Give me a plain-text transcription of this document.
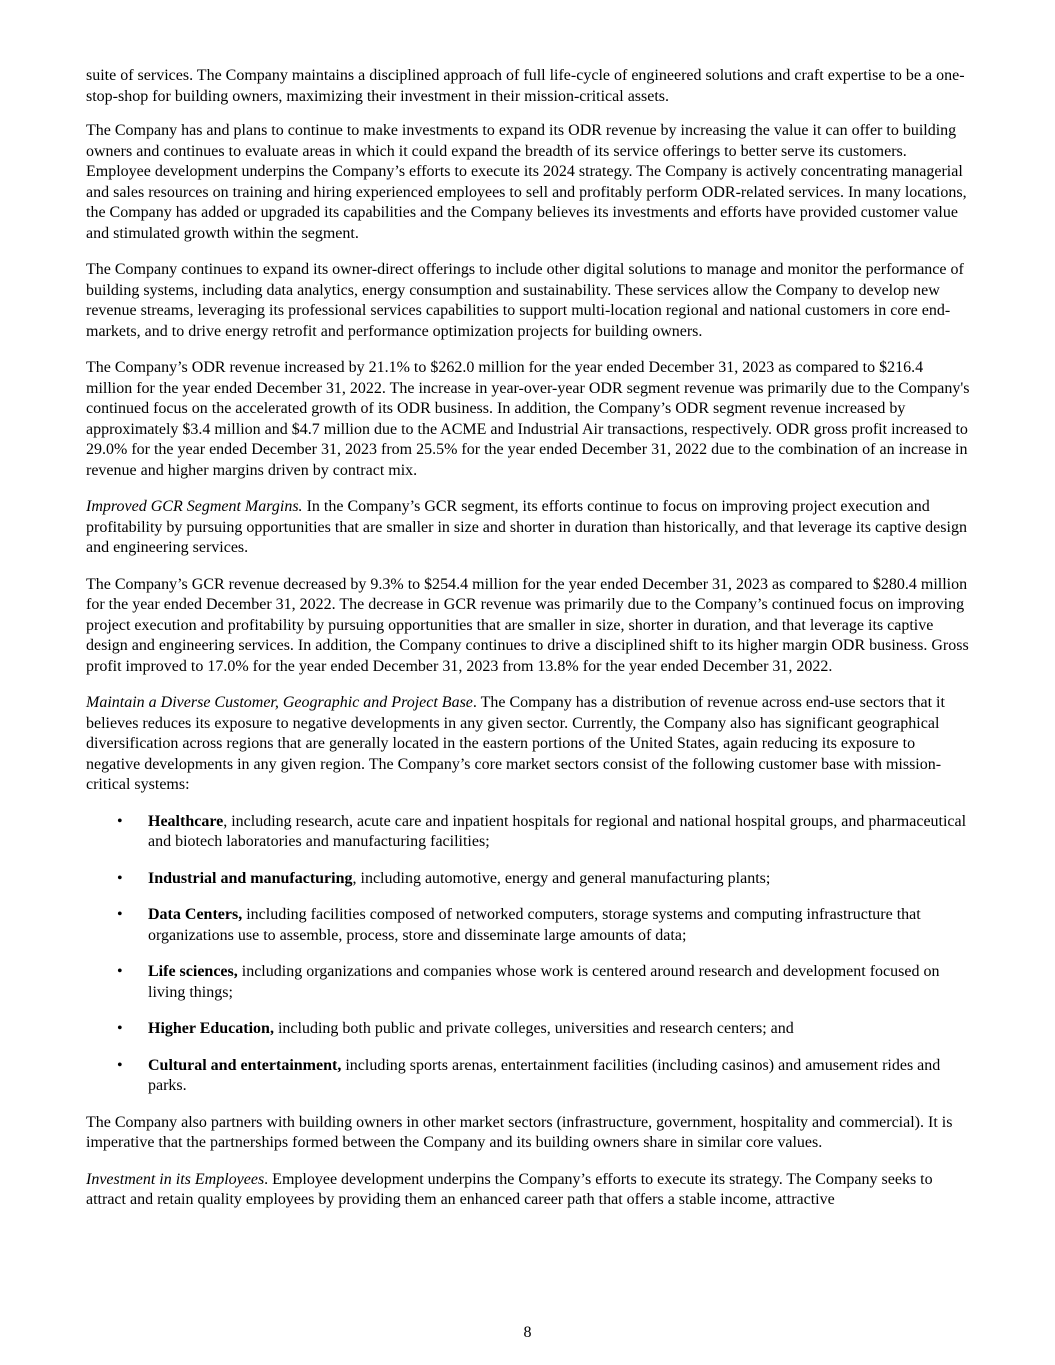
suite of services. The Company maintains a disciplined approach of full life-cycle of engineered solutions and craft expertise to be a one-stop-shop for building owners, maximizing their investment in their mission-critical assets.

The Company has and plans to continue to make investments to expand its ODR revenue by increasing the value it can offer to building owners and continues to evaluate areas in which it could expand the breadth of its service offerings to better serve its customers. Employee development underpins the Company’s efforts to execute its 2024 strategy. The Company is actively concentrating managerial and sales resources on training and hiring experienced employees to sell and profitably perform ODR-related services. In many locations, the Company has added or upgraded its capabilities and the Company believes its investments and efforts have provided customer value and stimulated growth within the segment.

The Company continues to expand its owner-direct offerings to include other digital solutions to manage and monitor the performance of building systems, including data analytics, energy consumption and sustainability. These services allow the Company to develop new revenue streams, leveraging its professional services capabilities to support multi-location regional and national customers in core end-markets, and to drive energy retrofit and performance optimization projects for building owners.

The Company’s ODR revenue increased by 21.1% to $262.0 million for the year ended December 31, 2023 as compared to $216.4 million for the year ended December 31, 2022. The increase in year-over-year ODR segment revenue was primarily due to the Company's continued focus on the accelerated growth of its ODR business. In addition, the Company’s ODR segment revenue increased by approximately $3.4 million and $4.7 million due to the ACME and Industrial Air transactions, respectively. ODR gross profit increased to 29.0% for the year ended December 31, 2023 from 25.5% for the year ended December 31, 2022 due to the combination of an increase in revenue and higher margins driven by contract mix.

Improved GCR Segment Margins. In the Company’s GCR segment, its efforts continue to focus on improving project execution and profitability by pursuing opportunities that are smaller in size and shorter in duration than historically, and that leverage its captive design and engineering services.

The Company’s GCR revenue decreased by 9.3% to $254.4 million for the year ended December 31, 2023 as compared to $280.4 million for the year ended December 31, 2022. The decrease in GCR revenue was primarily due to the Company’s continued focus on improving project execution and profitability by pursuing opportunities that are smaller in size, shorter in duration, and that leverage its captive design and engineering services. In addition, the Company continues to drive a disciplined shift to its higher margin ODR business. Gross profit improved to 17.0% for the year ended December 31, 2023 from 13.8% for the year ended December 31, 2022.

Maintain a Diverse Customer, Geographic and Project Base. The Company has a distribution of revenue across end-use sectors that it believes reduces its exposure to negative developments in any given sector. Currently, the Company also has significant geographical diversification across regions that are generally located in the eastern portions of the United States, again reducing its exposure to negative developments in any given region. The Company’s core market sectors consist of the following customer base with mission-critical systems:

• Healthcare, including research, acute care and inpatient hospitals for regional and national hospital groups, and pharmaceutical and biotech laboratories and manufacturing facilities;
• Industrial and manufacturing, including automotive, energy and general manufacturing plants;
• Data Centers, including facilities composed of networked computers, storage systems and computing infrastructure that organizations use to assemble, process, store and disseminate large amounts of data;
• Life sciences, including organizations and companies whose work is centered around research and development focused on living things;
• Higher Education, including both public and private colleges, universities and research centers; and
• Cultural and entertainment, including sports arenas, entertainment facilities (including casinos) and amusement rides and parks.

The Company also partners with building owners in other market sectors (infrastructure, government, hospitality and commercial). It is imperative that the partnerships formed between the Company and its building owners share in similar core values.

Investment in its Employees. Employee development underpins the Company’s efforts to execute its strategy. The Company seeks to attract and retain quality employees by providing them an enhanced career path that offers a stable income, attractive

8
